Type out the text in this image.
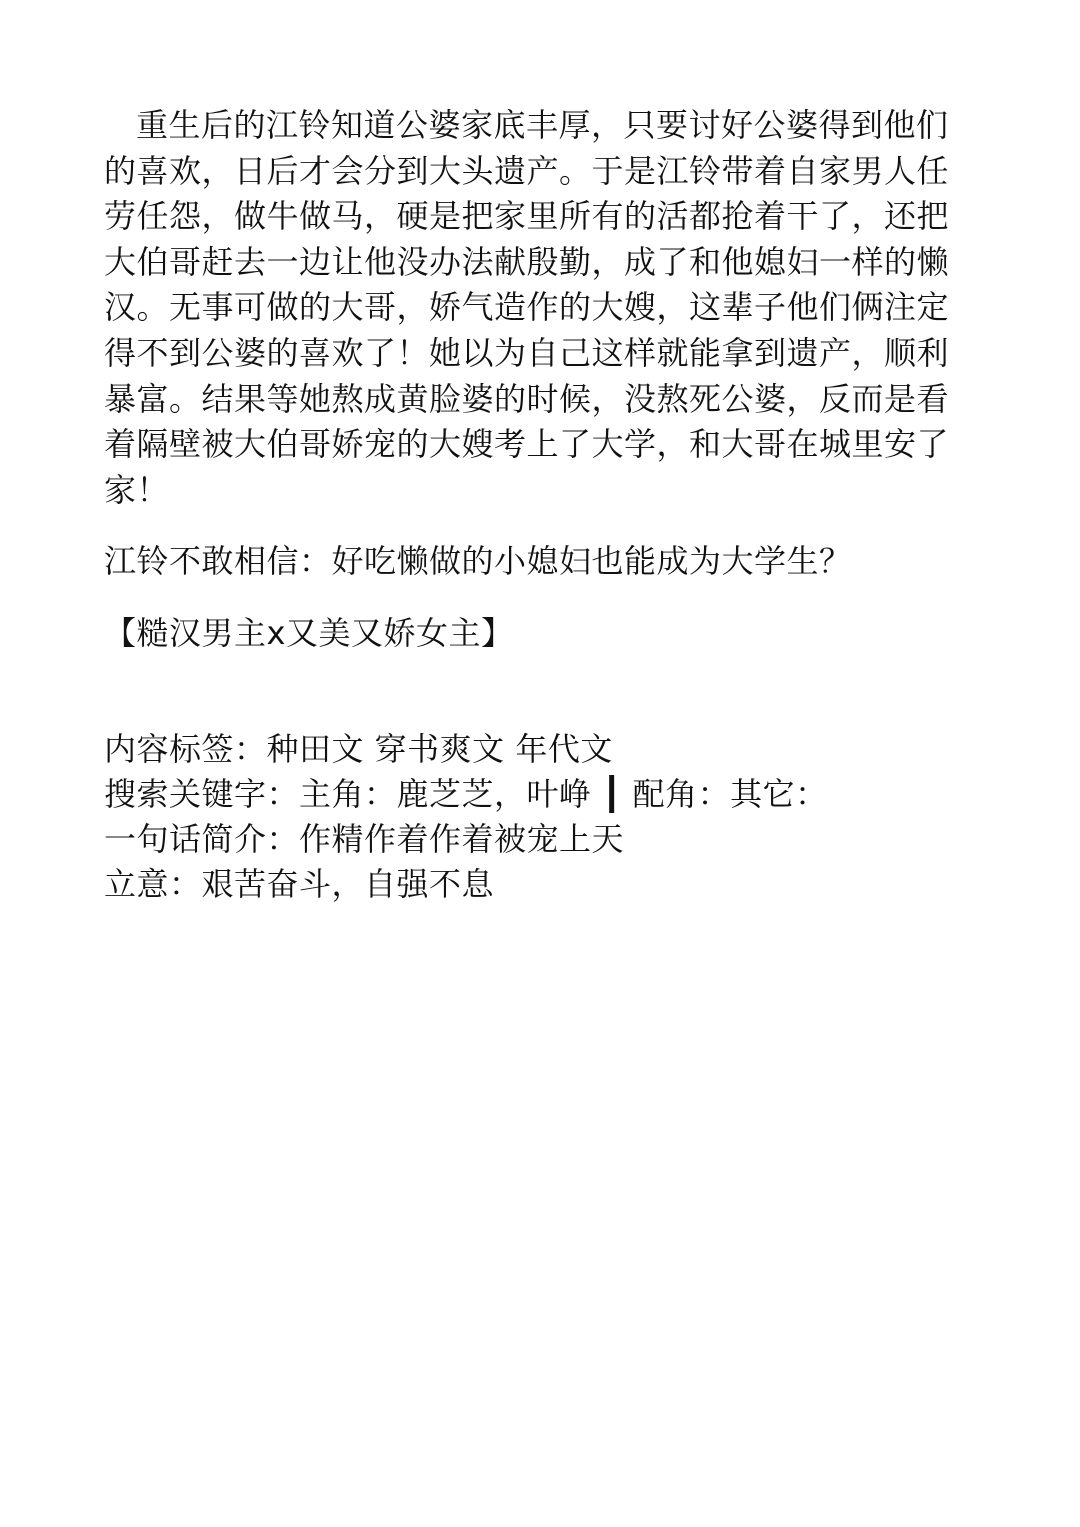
重生后的江铃知道公婆家底丰厚，只要讨好公婆得到他们的喜欢，日后才会分到大头遗产。于是江铃带着自家男人任劳任怨，做牛做马，硬是把家里所有的活都抢着干了，还把大伯哥赶去一边让他没办法献殷勤，成了和他媳妇一样的懒汉。无事可做的大哥，娇气造作的大嫂，这辈子他们俩注定得不到公婆的喜欢了！她以为自己这样就能拿到遗产，顺利暴富。结果等她熬成黄脸婆的时候，没熬死公婆，反而是看着隔壁被大伯哥娇宠的大嫂考上了大学，和大哥在城里安了家！

江铃不敢相信：好吃懒做的小媳妇也能成为大学生？

【糙汉男主x又美又娇女主】

内容标签：种田文 穿书爽文 年代文

搜索关键字：主角：鹿芝芝，叶峥 ┃ 配角：其它：

一句话简介：作精作着作着被宠上天

立意：艰苦奋斗，自强不息
